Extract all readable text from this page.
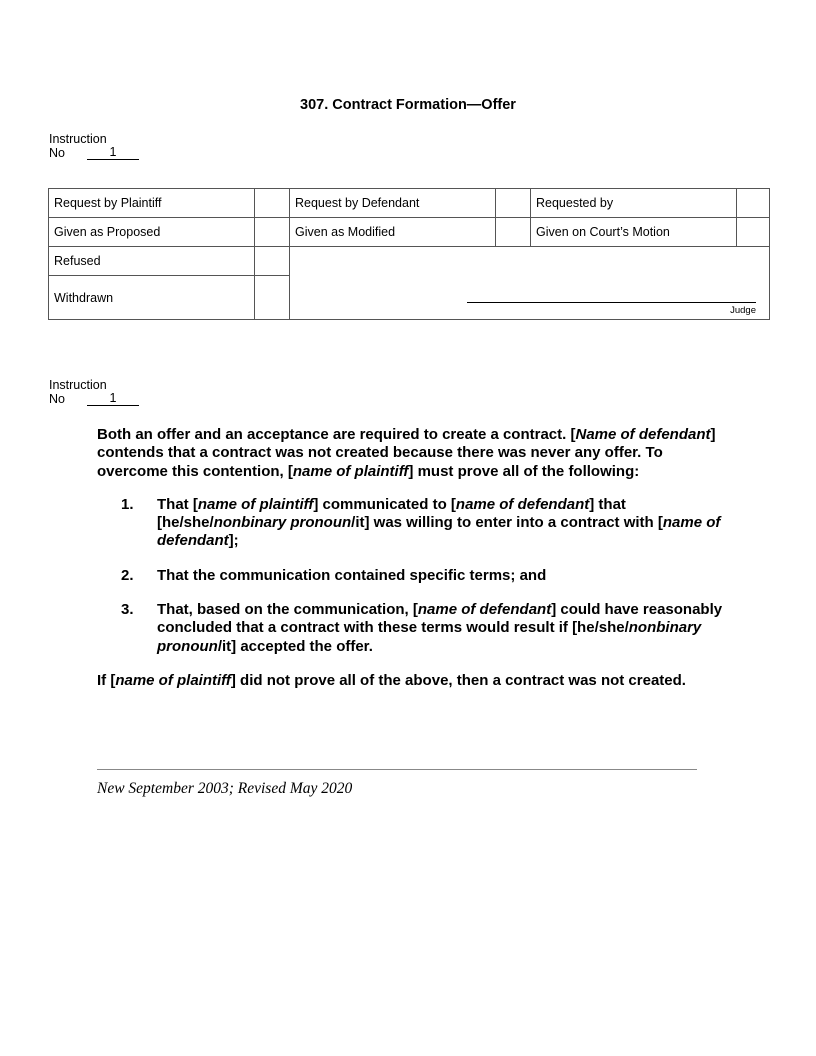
307. Contract Formation—Offer
Instruction
No	1
Request by Plaintiff		Request by Defendant		Requested by	
Given as Proposed		Given as Modified		Given on Court’s Motion	
Refused		Judge			

Withdrawn					
Instruction
No	1

Both an offer and an acceptance are required to create a contract. [Name of defendant] contends that a contract was not created because there was never any offer. To overcome this contention, [name of plaintiff] must prove all of the following:

1.	That [name of plaintiff] communicated to [name of defendant] that [he/she/nonbinary pronoun/it] was willing to enter into a contract with [name of defendant];
2.	That the communication contained specific terms; and
3.	That, based on the communication, [name of defendant] could have reasonably concluded that a contract with these terms would result if [he/she/nonbinary pronoun/it] accepted the offer.

If [name of plaintiff] did not prove all of the above, then a contract was not created.

New September 2003; Revised May 2020
